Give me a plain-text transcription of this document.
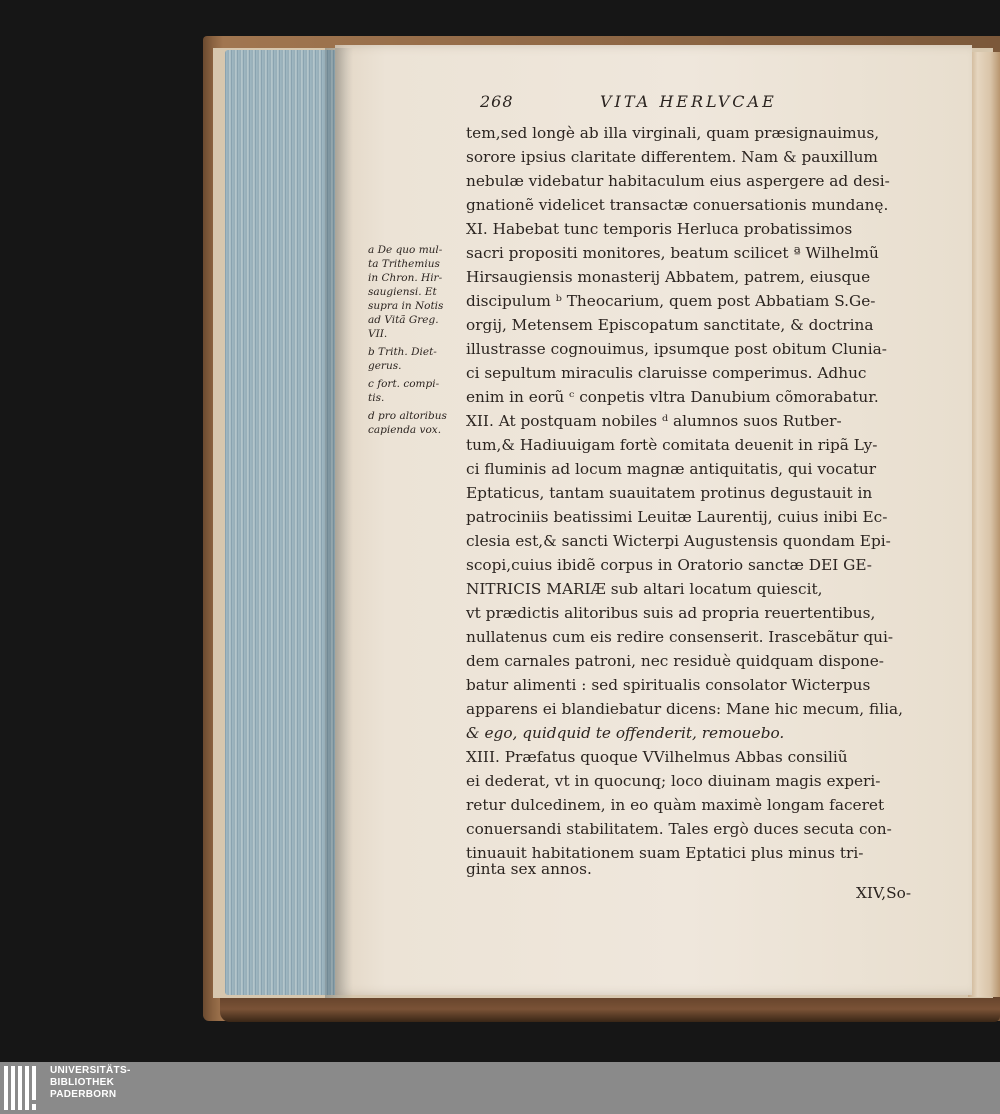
268	VITA HERLVCAE
tem,sed longè ab illa virginali, quam præsignauimus,
sorore ipsius claritate differentem. Nam & pauxillum
nebulæ videbatur habitaculum eius aspergere ad desi-
gnationẽ videlicet transactæ conuersationis mundanę.
XI. Habebat tunc temporis Herluca probatissimos
sacri propositi monitores, beatum scilicet ª Wilhelmũ
Hirsaugiensis monasterij Abbatem, patrem, eiusque
discipulum ᵇ Theocarium, quem post Abbatiam S.Ge-
orgij, Metensem Episcopatum sanctitate, & doctrina
illustrasse cognouimus, ipsumque post obitum Clunia-
ci sepultum miraculis claruisse comperimus. Adhuc
enim in eorũ ᶜ conpetis vltra Danubium cõmorabatur.
XII. At postquam nobiles ᵈ alumnos suos Rutber-
tum,& Hadiuuigam fortè comitata deuenit in ripã Ly-
ci fluminis ad locum magnæ antiquitatis, qui vocatur
Eptaticus, tantam suauitatem protinus degustauit in
patrociniis beatissimi Leuitæ Laurentij, cuius inibi Ec-
clesia est,& sancti Wicterpi Augustensis quondam Epi-
scopi,cuius ibidẽ corpus in Oratorio sanctæ DEI GE-
NITRICIS MARIÆ sub altari locatum quiescit,
vt prædictis alitoribus suis ad propria reuertentibus,
nullatenus cum eis redire consenserit. Irascebãtur qui-
dem carnales patroni, nec residuè quidquam dispone-
batur alimenti : sed spiritualis consolator Wicterpus
apparens ei blandiebatur dicens: Mane hic mecum, filia,
& ego, quidquid te offenderit, remouebo.
XIII. Præfatus quoque VVilhelmus Abbas consiliũ
ei dederat, vt in quocunq; loco diuinam magis experi-
retur dulcedinem, in eo quàm maximè longam faceret
conuersandi stabilitatem. Tales ergò duces secuta con-
tinuauit habitationem suam Eptatici plus minus tri-
ginta sex annos.
a De quo mul-
ta Trithemius
in Chron. Hir-
saugiensi. Et
supra in Notis
ad Vitã Greg.
VII.
b Trith. Diet-
gerus.
c fort. compi-
tis.
d pro altoribus
capienda vox.
XIV,So-
UNIVERSITÄTS-
BIBLIOTHEK
PADERBORN
